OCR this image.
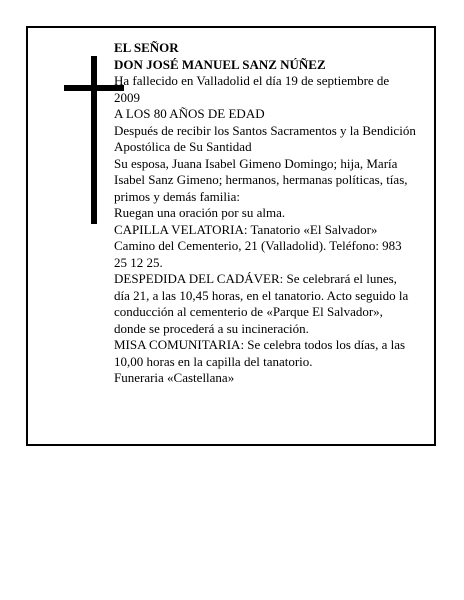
EL SEÑOR

DON JOSÉ MANUEL SANZ NÚÑEZ

Ha fallecido en Valladolid el día 19 de septiembre de 2009

A LOS 80 AÑOS DE EDAD

Después de recibir los Santos Sacramentos y la Bendición Apostólica de Su Santidad

Su esposa, Juana Isabel Gimeno Domingo; hija, María Isabel Sanz Gimeno; hermanos, hermanas políticas, tías, primos y demás familia:

Ruegan una oración por su alma.

CAPILLA VELATORIA: Tanatorio «El Salvador» Camino del Cementerio, 21 (Valladolid). Teléfono: 983 25 12 25.

DESPEDIDA DEL CADÁVER: Se celebrará el lunes, día 21, a las 10,45 horas, en el tanatorio. Acto seguido la conducción al cementerio de «Parque El Salvador», donde se procederá a su incineración.

MISA COMUNITARIA: Se celebra todos los días, a las 10,00 horas en la capilla del tanatorio.

Funeraria «Castellana»
